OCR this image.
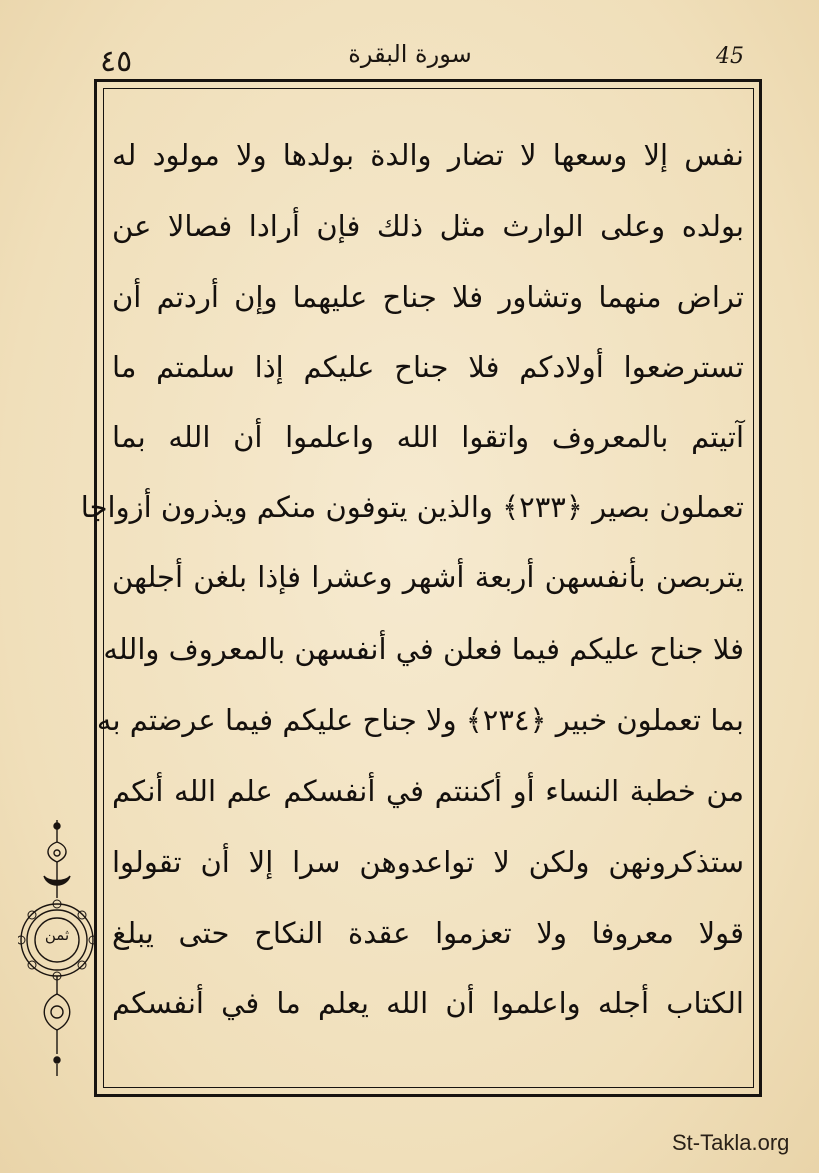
٤٥	سورة البقرة	45
نفس إلا وسعها لا تضار والدة بولدها ولا مولود له
بولده وعلى الوارث مثل ذلك فإن أرادا فصالا عن
تراض منهما وتشاور فلا جناح عليهما وإن أردتم أن
تسترضعوا أولادكم فلا جناح عليكم إذا سلمتم ما
آتيتم بالمعروف واتقوا الله واعلموا أن الله بما
تعملون بصير ﴿٢٣٣﴾ والذين يتوفون منكم ويذرون أزواجا
يتربصن بأنفسهن أربعة أشهر وعشرا فإذا بلغن أجلهن
فلا جناح عليكم فيما فعلن في أنفسهن بالمعروف والله
بما تعملون خبير ﴿٢٣٤﴾ ولا جناح عليكم فيما عرضتم به
من خطبة النساء أو أكننتم في أنفسكم علم الله أنكم
ستذكرونهن ولكن لا تواعدوهن سرا إلا أن تقولوا
قولا معروفا ولا تعزموا عقدة النكاح حتى يبلغ
الكتاب أجله واعلموا أن الله يعلم ما في أنفسكم
ثمن
St-Takla.org
